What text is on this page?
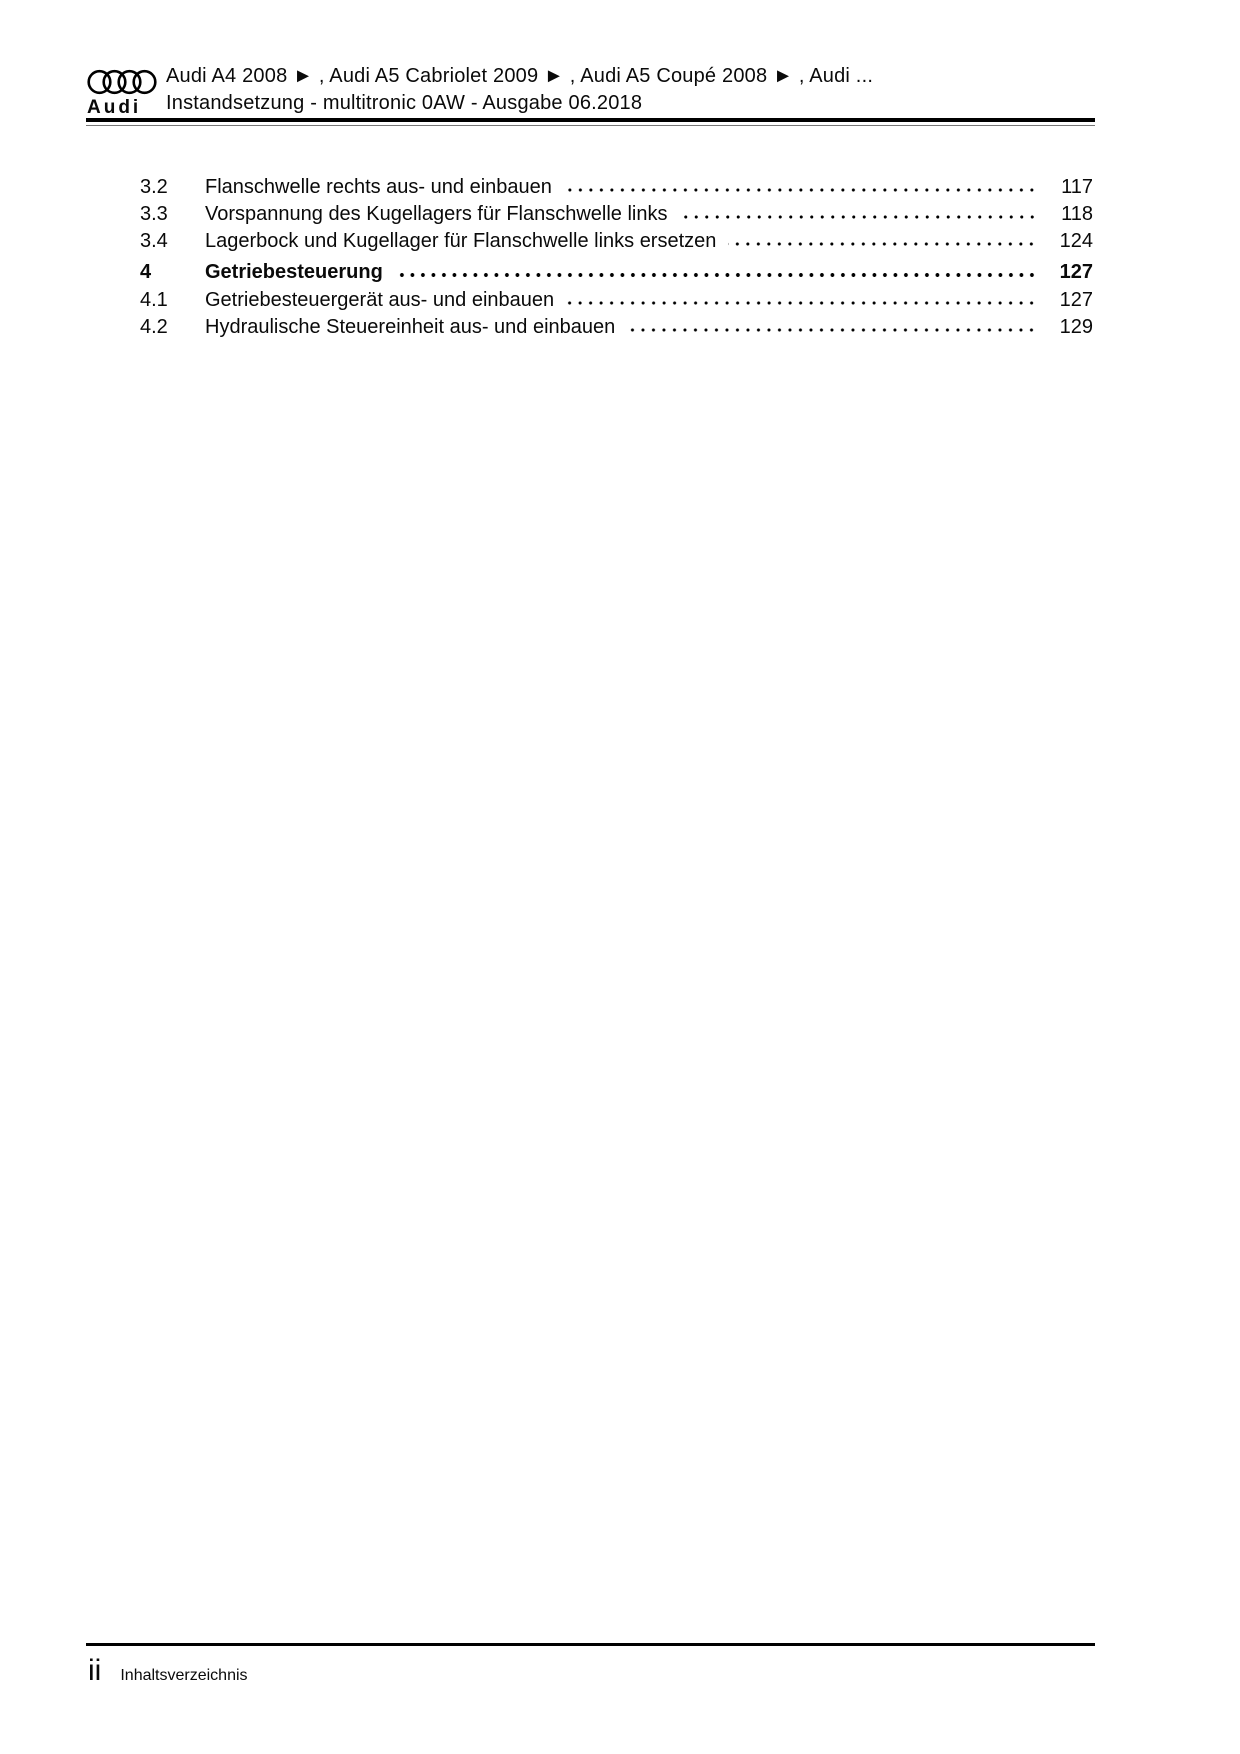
Audi
Audi A4 2008 ► , Audi A5 Cabriolet 2009 ► , Audi A5 Coupé 2008 ► , Audi ...
Instandsetzung - multitronic 0AW - Ausgabe 06.2018
3.2	Flanschwelle rechts aus- und einbauen	117
3.3	Vorspannung des Kugellagers für Flanschwelle links	118
3.4	Lagerbock und Kugellager für Flanschwelle links ersetzen	124
4	Getriebesteuerung	127
4.1	Getriebesteuergerät aus- und einbauen	127
4.2	Hydraulische Steuereinheit aus- und einbauen	129
ii Inhaltsverzeichnis
